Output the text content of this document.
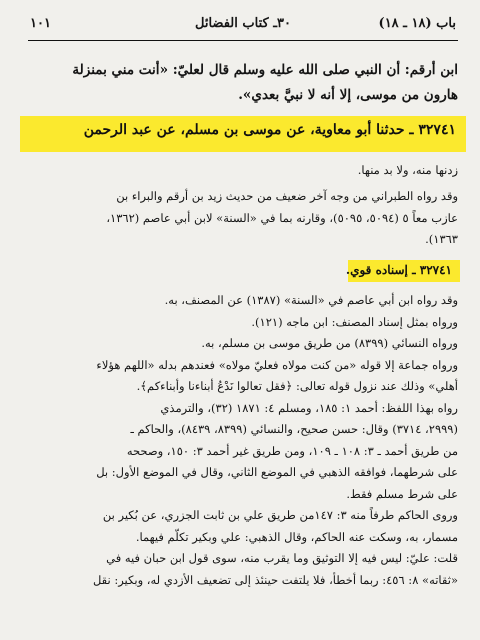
١٠١	٣٠ـ كتاب الفضائل	باب (١٨ ـ ١٨)
ابن أرقم: أن النبي صلى الله عليه وسلم قال لعليّ: «أنت مني بمنزلة
هارون من موسى، إلا أنه لا نبيَّ بعدي».
٣٢٧٤١ ـ حدثنا أبو معاوية، عن موسى بن مسلم، عن عبد الرحمن
زدنها منه، ولا بد منها.
وقد رواه الطبراني من وجه آخر ضعيف من حديث زيد بن أرقم والبراء بن
عازب معاً ٥ (٥٠٩٤، ٥٠٩٥)، وقارنه بما في «السنة» لابن أبي عاصم (١٣٦٢،
١٣٦٣).
٣٢٧٤١ ـ إسناده قوي.
وقد رواه ابن أبي عاصم في «السنة» (١٣٨٧) عن المصنف، به.
ورواه بمثل إسناد المصنف: ابن ماجه (١٢١).
ورواه النسائي (٨٣٩٩) من طريق موسى بن مسلم، به.
ورواه جماعة إلا قوله «من كنت مولاه فعليّ مولاه» فعندهم بدله «اللهم هؤلاء
أهلي» وذلك عند نزول قوله تعالى: ﴿فقل تعالوا نَدْعُ أبناءنا وأبناءكم﴾.
رواه بهذا اللفظ: أحمد ١: ١٨٥، ومسلم ٤: ١٨٧١ (٣٢)، والترمذي
(٢٩٩٩، ٣٧١٤) وقال: حسن صحيح، والنسائي (٨٣٩٩، ٨٤٣٩)، والحاكم ـ
من طريق أحمد ـ ٣: ١٠٨ ـ ١٠٩، ومن طريق غير أحمد ٣: ١٥٠، وصححه
على شرطهما، فوافقه الذهبي في الموضع الثاني، وقال في الموضع الأول: بل
على شرط مسلم فقط.
وروى الحاكم طرفاً منه ٣: ١٤٧من طريق علي بن ثابت الجزري، عن بُكير بن
مسمار، به، وسكت عنه الحاكم، وقال الذهبي: علي وبكير تكلّم فيهما.
قلت: عليّ: ليس فيه إلا التوثيق وما يقرب منه، سوى قول ابن حبان فيه في
«ثقاته» ٨: ٤٥٦: ربما أخطأ، فلا يلتفت حينئذ إلى تضعيف الأزدي له، وبكير: نقل
